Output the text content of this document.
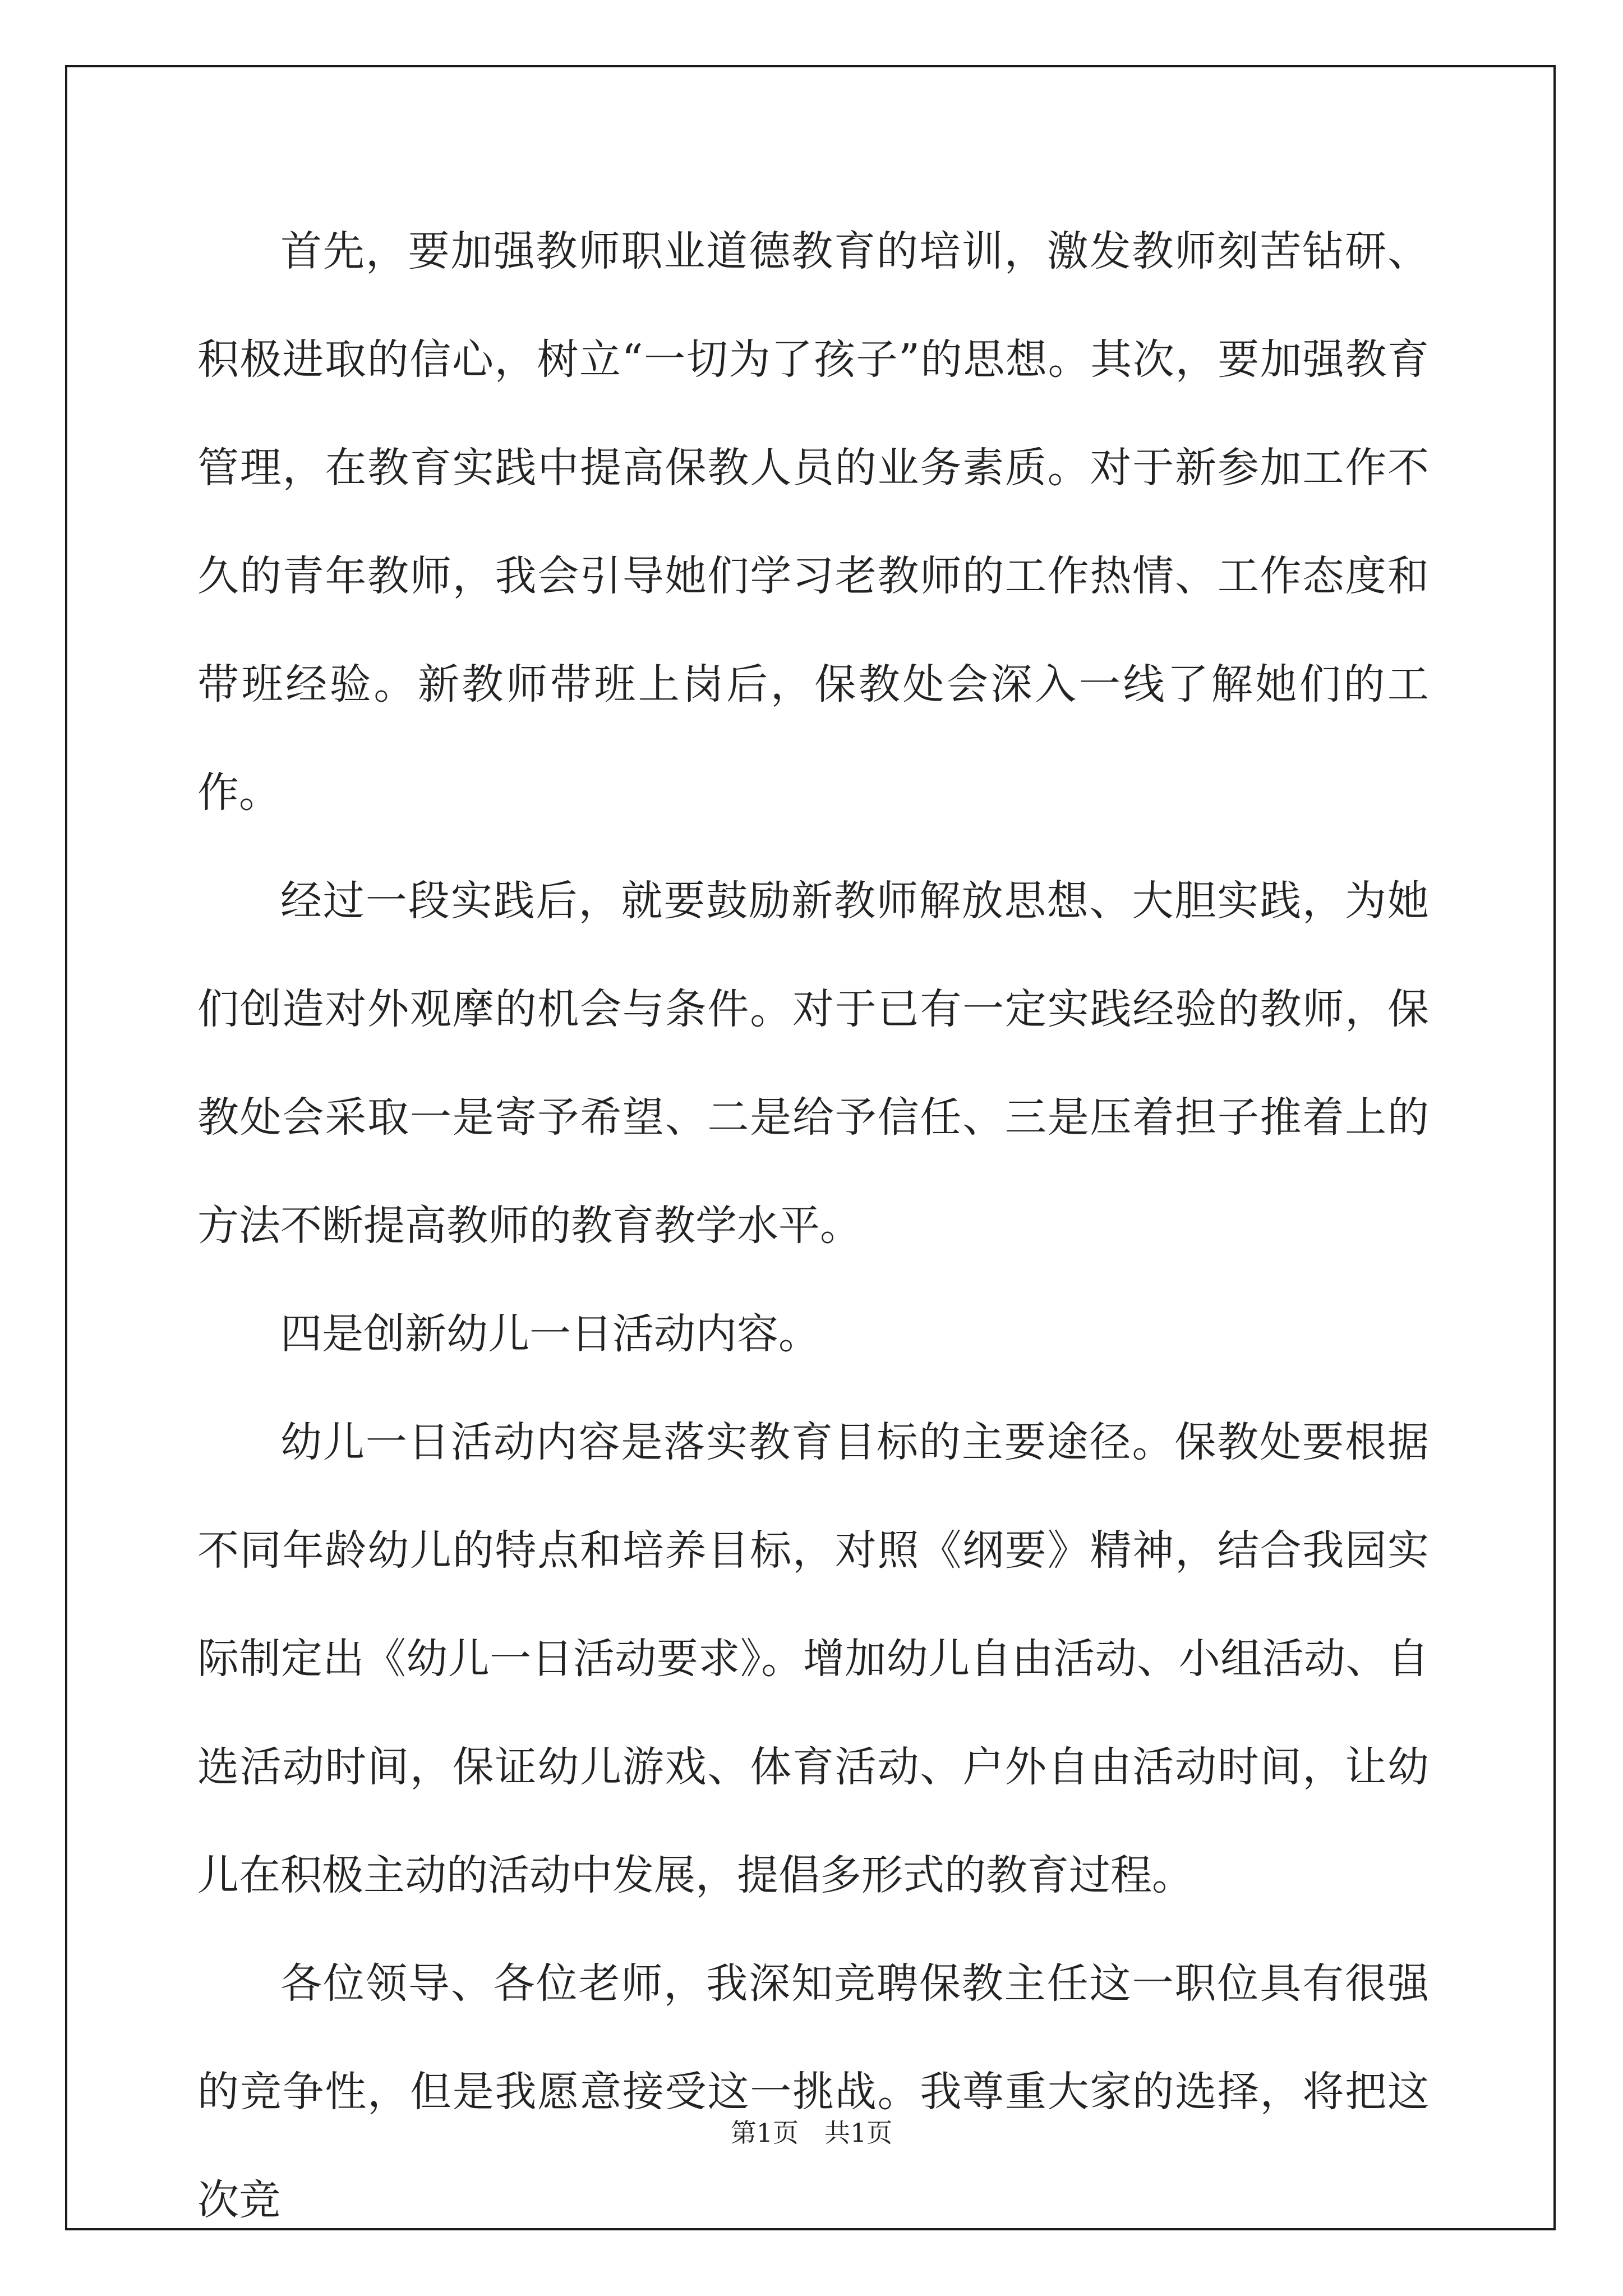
首先，要加强教师职业道德教育的培训，激发教师刻苦钻研、积极进取的信心，树立“一切为了孩子”的思想。其次，要加强教育管理，在教育实践中提高保教人员的业务素质。对于新参加工作不久的青年教师，我会引导她们学习老教师的工作热情、工作态度和带班经验。新教师带班上岗后，保教处会深入一线了解她们的工作。

经过一段实践后，就要鼓励新教师解放思想、大胆实践，为她们创造对外观摩的机会与条件。对于已有一定实践经验的教师，保教处会采取一是寄予希望、二是给予信任、三是压着担子推着上的方法不断提高教师的教育教学水平。

四是创新幼儿一日活动内容。

幼儿一日活动内容是落实教育目标的主要途径。保教处要根据不同年龄幼儿的特点和培养目标，对照《纲要》精神，结合我园实际制定出《幼儿一日活动要求》。增加幼儿自由活动、小组活动、自选活动时间，保证幼儿游戏、体育活动、户外自由活动时间，让幼儿在积极主动的活动中发展，提倡多形式的教育过程。

各位领导、各位老师，我深知竞聘保教主任这一职位具有很强的竞争性，但是我愿意接受这一挑战。我尊重大家的选择，将把这次竞

第1页　共1页
